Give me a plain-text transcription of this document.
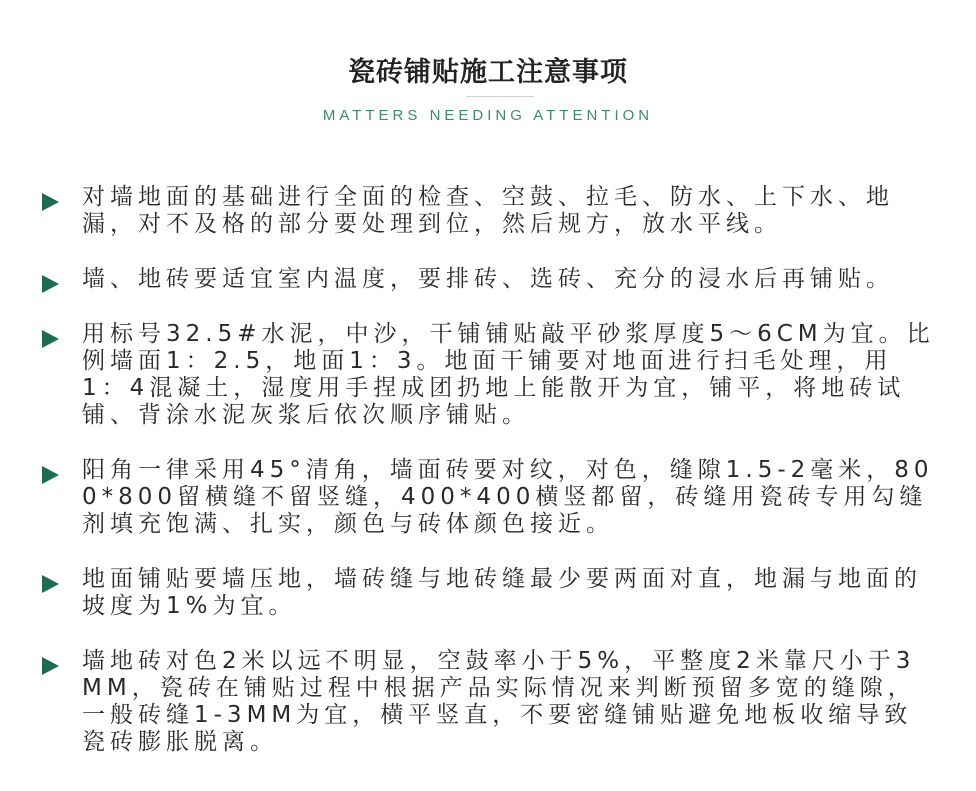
瓷砖铺贴施工注意事项
MATTERS NEEDING ATTENTION
对墙地面的基础进行全面的检查、空鼓、拉毛、防水、上下水、地漏，对不及格的部分要处理到位，然后规方，放水平线。
墙、地砖要适宜室内温度，要排砖、选砖、充分的浸水后再铺贴。
用标号32.5#水泥，中沙，干铺铺贴敲平砂浆厚度5～6CM为宜。比例墙面1：2.5，地面1：3。地面干铺要对地面进行扫毛处理，用1：4混凝土，湿度用手捏成团扔地上能散开为宜，铺平，将地砖试铺、背涂水泥灰浆后依次顺序铺贴。
阳角一律采用45°清角，墙面砖要对纹，对色，缝隙1.5-2毫米，800*800留横缝不留竖缝，400*400横竖都留，砖缝用瓷砖专用勾缝剂填充饱满、扎实，颜色与砖体颜色接近。
地面铺贴要墙压地，墙砖缝与地砖缝最少要两面对直，地漏与地面的坡度为1%为宜。
墙地砖对色2米以远不明显，空鼓率小于5%，平整度2米靠尺小于3MM，瓷砖在铺贴过程中根据产品实际情况来判断预留多宽的缝隙，一般砖缝1-3MM为宜，横平竖直，不要密缝铺贴避免地板收缩导致瓷砖膨胀脱离。
